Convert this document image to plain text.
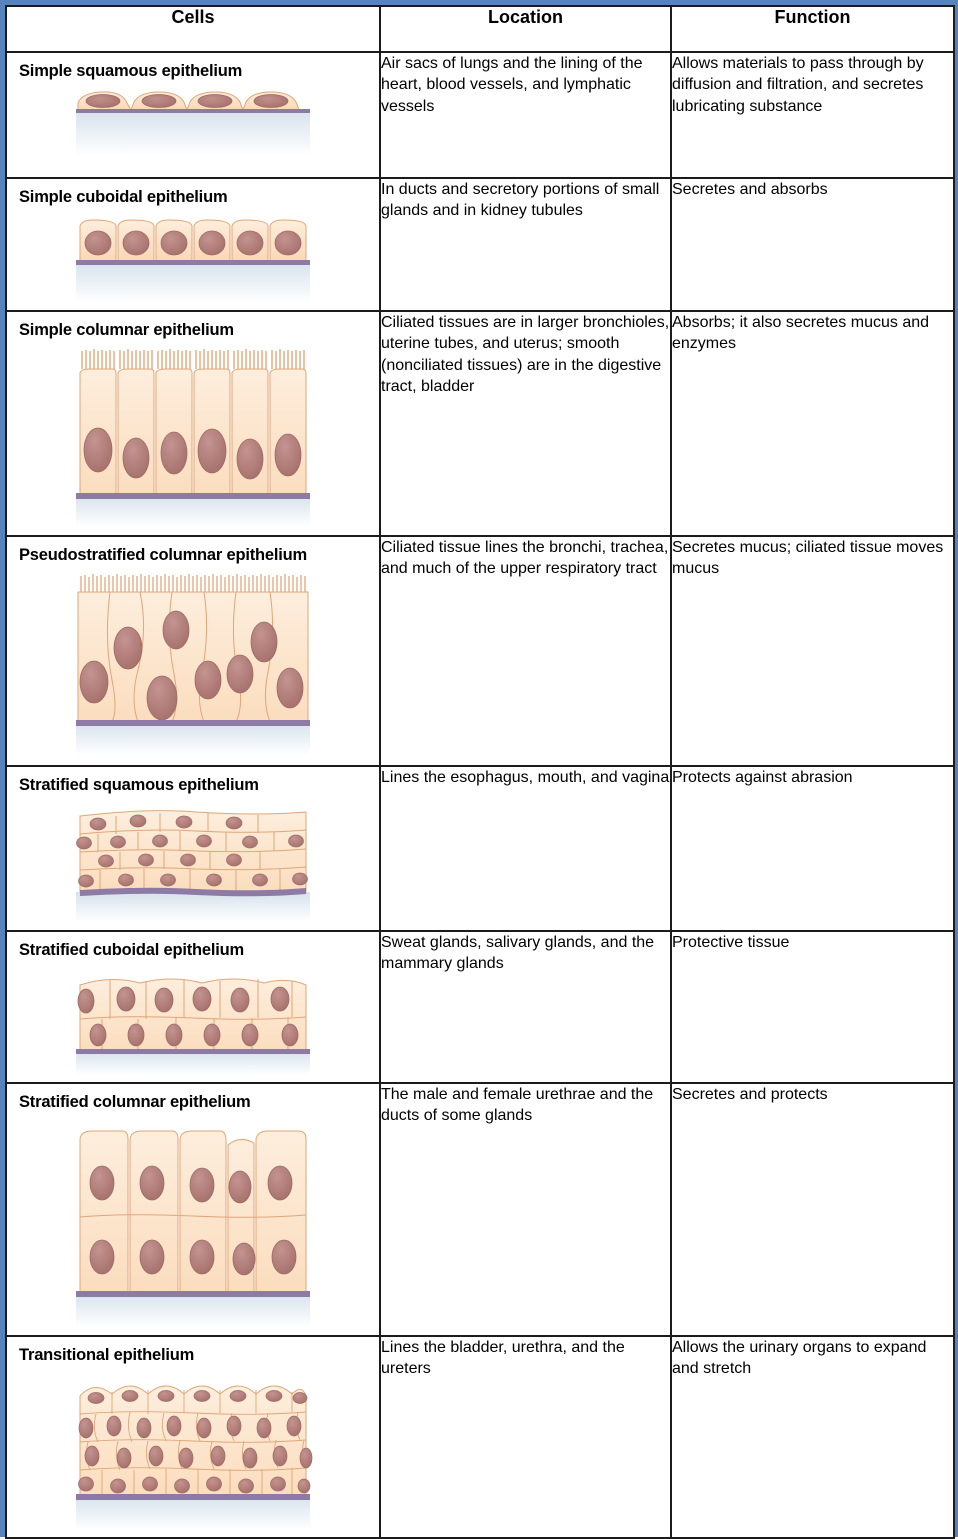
Cells	Location	Function

Simple squamous epithelium	Air sacs of lungs and the lining of the heart, blood vessels, and lymphatic vessels	Allows materials to pass through by diffusion and filtration, and secretes lubricating substance

Simple cuboidal epithelium	In ducts and secretory portions of small glands and in kidney tubules	Secretes and absorbs

Simple columnar epithelium	Ciliated tissues are in larger bronchioles, uterine tubes, and uterus; smooth (nonciliated tissues) are in the digestive tract, bladder	Absorbs; it also secretes mucus and enzymes

Pseudostratified columnar epithelium	Ciliated tissue lines the bronchi, trachea, and much of the upper respiratory tract	Secretes mucus; ciliated tissue moves mucus

Stratified squamous epithelium	Lines the esophagus, mouth, and vagina	Protects against abrasion

Stratified cuboidal epithelium	Sweat glands, salivary glands, and the mammary glands	Protective tissue

Stratified columnar epithelium	The male and female urethrae and the ducts of some glands	Secretes and protects

Transitional epithelium	Lines the bladder, urethra, and the ureters	Allows the urinary organs to expand and stretch
